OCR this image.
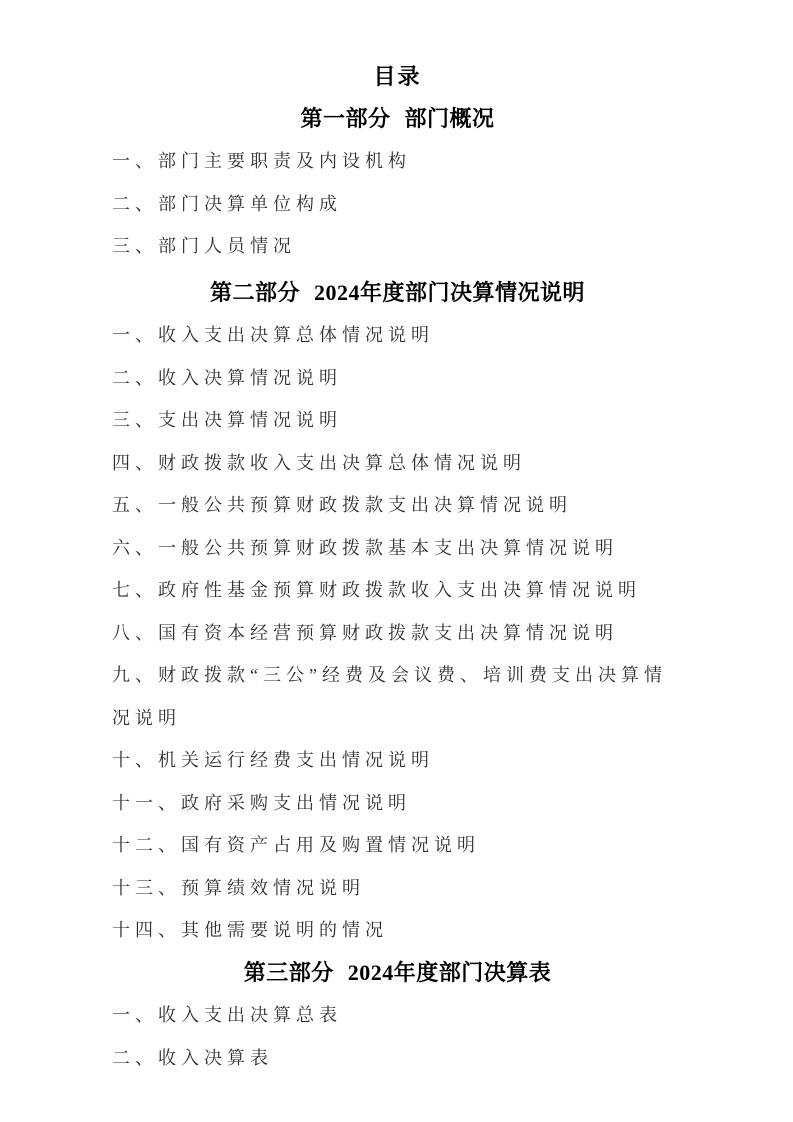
目录
第一部分 部门概况
一、部门主要职责及内设机构
二、部门决算单位构成
三、部门人员情况
第二部分 2024年度部门决算情况说明
一、收入支出决算总体情况说明
二、收入决算情况说明
三、支出决算情况说明
四、财政拨款收入支出决算总体情况说明
五、一般公共预算财政拨款支出决算情况说明
六、一般公共预算财政拨款基本支出决算情况说明
七、政府性基金预算财政拨款收入支出决算情况说明
八、国有资本经营预算财政拨款支出决算情况说明
九、财政拨款“三公”经费及会议费、培训费支出决算情
况说明
十、机关运行经费支出情况说明
十一、政府采购支出情况说明
十二、国有资产占用及购置情况说明
十三、预算绩效情况说明
十四、其他需要说明的情况
第三部分 2024年度部门决算表
一、收入支出决算总表
二、收入决算表
